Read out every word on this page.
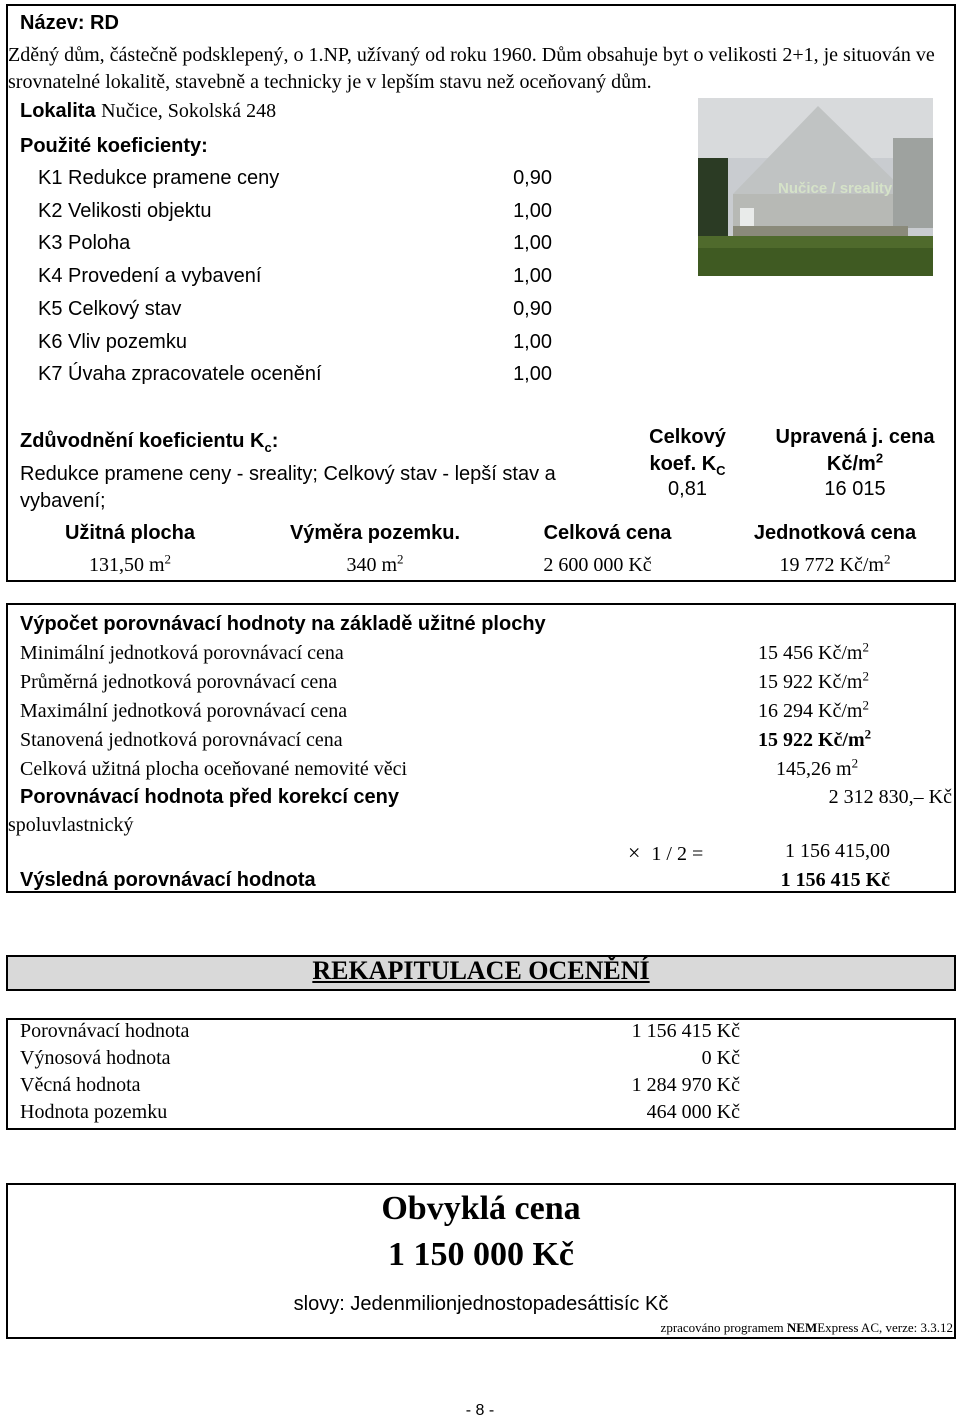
Název: RD
Zděný dům, částečně podsklepený, o 1.NP, užívaný od roku 1960. Dům obsahuje byt o velikosti 2+1, je situován ve srovnatelné lokalitě, stavebně a technicky je v lepším stavu než oceňovaný dům.
Lokalita Nučice, Sokolská 248
Použité koeficienty:
Nučice / sreality
K1 Redukce pramene ceny	0,90
K2 Velikosti objektu	1,00
K3 Poloha	1,00
K4 Provedení a vybavení	1,00
K5 Celkový stav	0,90
K6 Vliv pozemku	1,00
K7 Úvaha zpracovatele ocenění	1,00
Zdůvodnění koeficientu $K_c$:
Redukce pramene ceny - sreality; Celkový stav - lepší stav a vybavení;
Celkový
koef. $K_C$
0,81
Upravená j. cena
$Kč/m^2$
16 015
Užitná plocha	Výměra pozemku.	Celková cena	Jednotková cena
131,50 $m^2$	340 $m^2$	2 600 000 Kč	19 772 $Kč/m^2$
Výpočet porovnávací hodnoty na základě užitné plochy
Minimální jednotková porovnávací cena	15 456 $Kč/m^2$
Průměrná jednotková porovnávací cena	15 922 $Kč/m^2$
Maximální jednotková porovnávací cena	16 294 $Kč/m^2$
Stanovená jednotková porovnávací cena	15 922 $Kč/m^2$
Celková užitná plocha oceňované nemovité věci	145,26 $m^2$
Porovnávací hodnota před korekcí ceny	2 312 830,– Kč
spoluvlastnický
× 1 / 2 =	1 156 415,00
Výsledná porovnávací hodnota	1 156 415 Kč
REKAPITULACE OCENĚNÍ
Porovnávací hodnota	1 156 415 Kč
Výnosová hodnota	0 Kč
Věcná hodnota	1 284 970 Kč
Hodnota pozemku	464 000 Kč
Obvyklá cena
1 150 000 Kč
slovy: Jedenmilionjednostopadesáttisíc Kč
zpracováno programem NEMExpress AC, verze: 3.3.12
- 8 -
